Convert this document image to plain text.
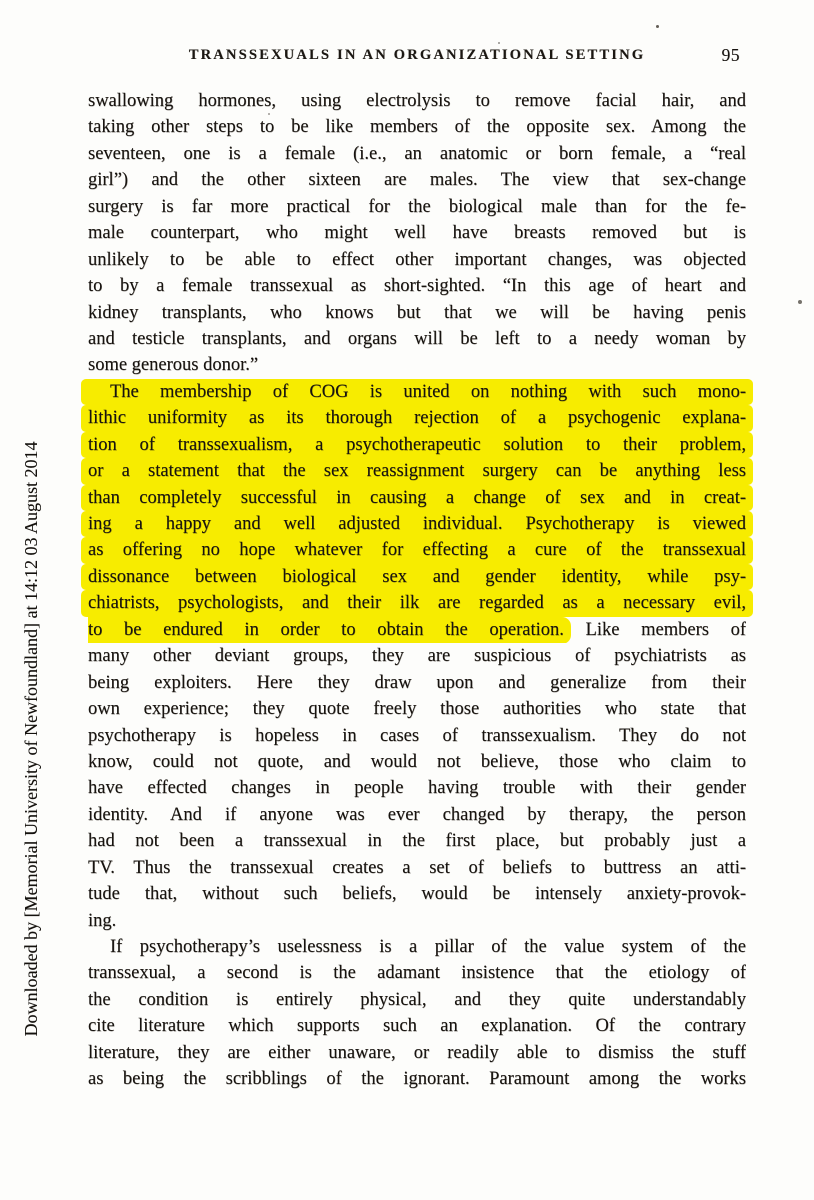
TRANSSEXUALS IN AN ORGANIZATIONAL SETTING	95
Downloaded by [Memorial University of Newfoundland] at 14:12 03 August 2014
swallowing hormones, using electrolysis to remove facial hair, and
taking other steps to be like members of the opposite sex. Among the
seventeen, one is a female (i.e., an anatomic or born female, a “real
girl”) and the other sixteen are males. The view that sex-change
surgery is far more practical for the biological male than for the fe-
male counterpart, who might well have breasts removed but is
unlikely to be able to effect other important changes, was objected
to by a female transsexual as short-sighted. “In this age of heart and
kidney transplants, who knows but that we will be having penis
and testicle transplants, and organs will be left to a needy woman by
some generous donor.”
The membership of COG is united on nothing with such mono-
lithic uniformity as its thorough rejection of a psychogenic explana-
tion of transsexualism, a psychotherapeutic solution to their problem,
or a statement that the sex reassignment surgery can be anything less
than completely successful in causing a change of sex and in creat-
ing a happy and well adjusted individual. Psychotherapy is viewed
as offering no hope whatever for effecting a cure of the transsexual
dissonance between biological sex and gender identity, while psy-
chiatrists, psychologists, and their ilk are regarded as a necessary evil,
to be endured in order to obtain the operation. Like members of
many other deviant groups, they are suspicious of psychiatrists as
being exploiters. Here they draw upon and generalize from their
own experience; they quote freely those authorities who state that
psychotherapy is hopeless in cases of transsexualism. They do not
know, could not quote, and would not believe, those who claim to
have effected changes in people having trouble with their gender
identity. And if anyone was ever changed by therapy, the person
had not been a transsexual in the first place, but probably just a
TV. Thus the transsexual creates a set of beliefs to buttress an atti-
tude that, without such beliefs, would be intensely anxiety-provok-
ing.
If psychotherapy’s uselessness is a pillar of the value system of the
transsexual, a second is the adamant insistence that the etiology of
the condition is entirely physical, and they quite understandably
cite literature which supports such an explanation. Of the contrary
literature, they are either unaware, or readily able to dismiss the stuff
as being the scribblings of the ignorant. Paramount among the works
